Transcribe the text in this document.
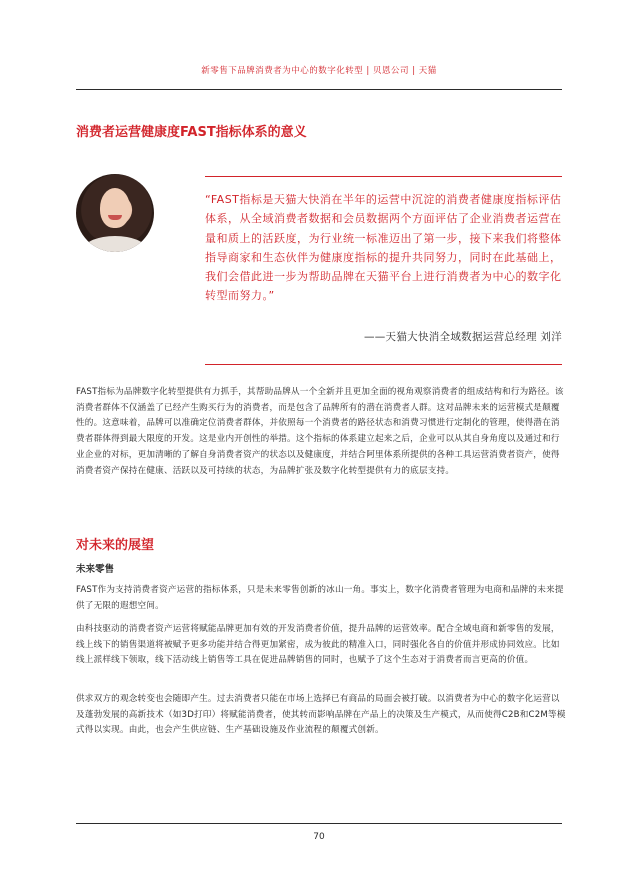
新零售下品牌消费者为中心的数字化转型 | 贝恩公司 | 天猫
消费者运营健康度FAST指标体系的意义

“FAST指标是天猫大快消在半年的运营中沉淀的消费者健康度指标评估体系，从全域消费者数据和会员数据两个方面评估了企业消费者运营在量和质上的活跃度，为行业统一标准迈出了第一步，接下来我们将整体指导商家和生态伙伴为健康度指标的提升共同努力，同时在此基础上，我们会借此进一步为帮助品牌在天猫平台上进行消费者为中心的数字化转型而努力。”

——天猫大快消全域数据运营总经理 刘洋

FAST指标为品牌数字化转型提供有力抓手，其帮助品牌从一个全新并且更加全面的视角观察消费者的组成结构和行为路径。该消费者群体不仅涵盖了已经产生购买行为的消费者，而是包含了品牌所有的潜在消费者人群。这对品牌未来的运营模式是颠覆性的。这意味着，品牌可以准确定位消费者群体，并依照每一个消费者的路径状态和消费习惯进行定制化的管理，使得潜在消费者群体得到最大限度的开发。这是业内开创性的举措。这个指标的体系建立起来之后，企业可以从其自身角度以及通过和行业企业的对标，更加清晰的了解自身消费者资产的状态以及健康度，并结合阿里体系所提供的各种工具运营消费者资产，使得消费者资产保持在健康、活跃以及可持续的状态，为品牌扩张及数字化转型提供有力的底层支持。

对未来的展望
未来零售

FAST作为支持消费者资产运营的指标体系，只是未来零售创新的冰山一角。事实上，数字化消费者管理为电商和品牌的未来提供了无限的遐想空间。

由科技驱动的消费者资产运营将赋能品牌更加有效的开发消费者价值，提升品牌的运营效率。配合全域电商和新零售的发展，线上线下的销售渠道将被赋予更多功能并结合得更加紧密，成为彼此的精准入口，同时强化各自的价值并形成协同效应。比如线上派样线下领取，线下活动线上销售等工具在促进品牌销售的同时，也赋予了这个生态对于消费者而言更高的价值。

供求双方的观念转变也会随即产生。过去消费者只能在市场上选择已有商品的局面会被打破。以消费者为中心的数字化运营以及蓬勃发展的高新技术（如3D打印）将赋能消费者，使其转而影响品牌在产品上的决策及生产模式，从而使得C2B和C2M等模式得以实现。由此，也会产生供应链、生产基础设施及作业流程的颠覆式创新。

70
